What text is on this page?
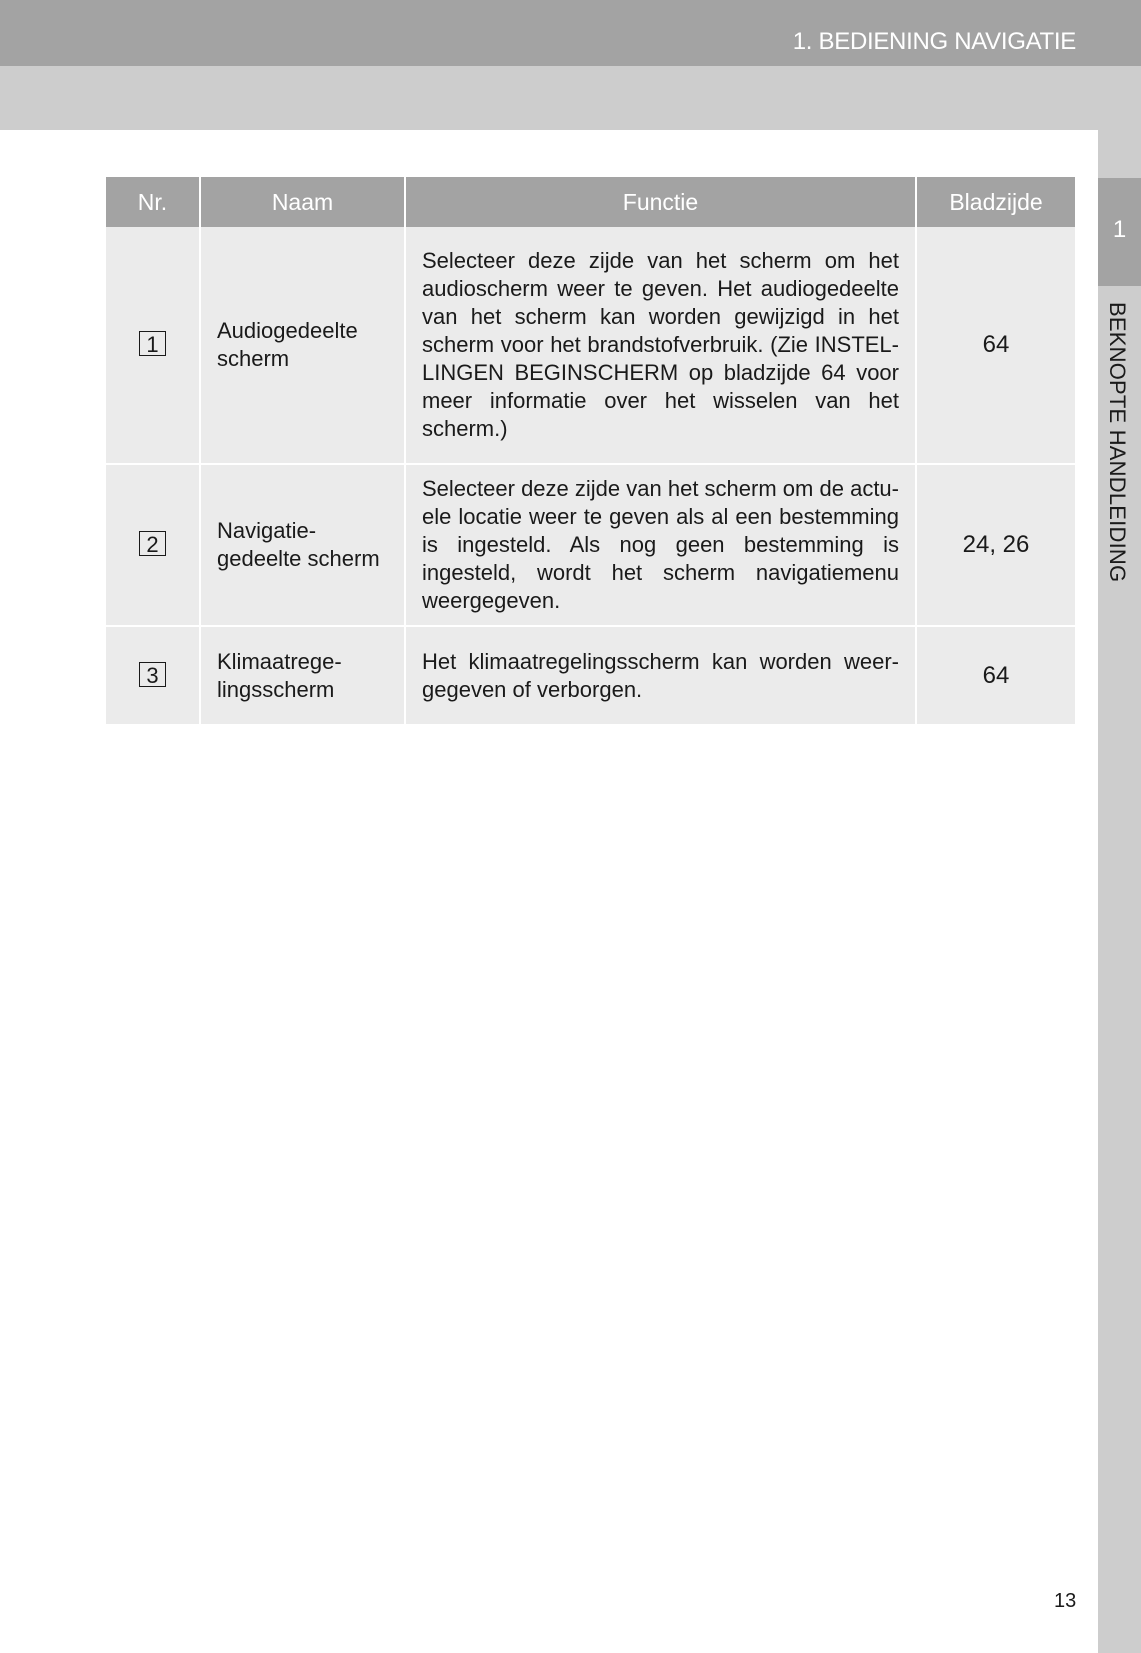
1. BEDIENING NAVIGATIE
1
BEKNOPTE HANDLEIDING
Nr.	Naam	Functie	Bladzijde
1	Audiogedeelte scherm	Selecteer deze zijde van het scherm om het audioscherm weer te geven. Het audiogedeelte van het scherm kan worden gewijzigd in het scherm voor het brandstofverbruik. (Zie INSTEL-LINGEN BEGINSCHERM op bladzijde 64 voor meer informatie over het wisselen van het scherm.)	64
2	Navigatie-gedeelte scherm	Selecteer deze zijde van het scherm om de actu-ele locatie weer te geven als al een bestemming is ingesteld. Als nog geen bestemming is ingesteld, wordt het scherm navigatiemenu weergegeven.	24, 26
3	Klimaatrege-lingsscherm	Het klimaatregelingsscherm kan worden weer-gegeven of verborgen.	64
13
